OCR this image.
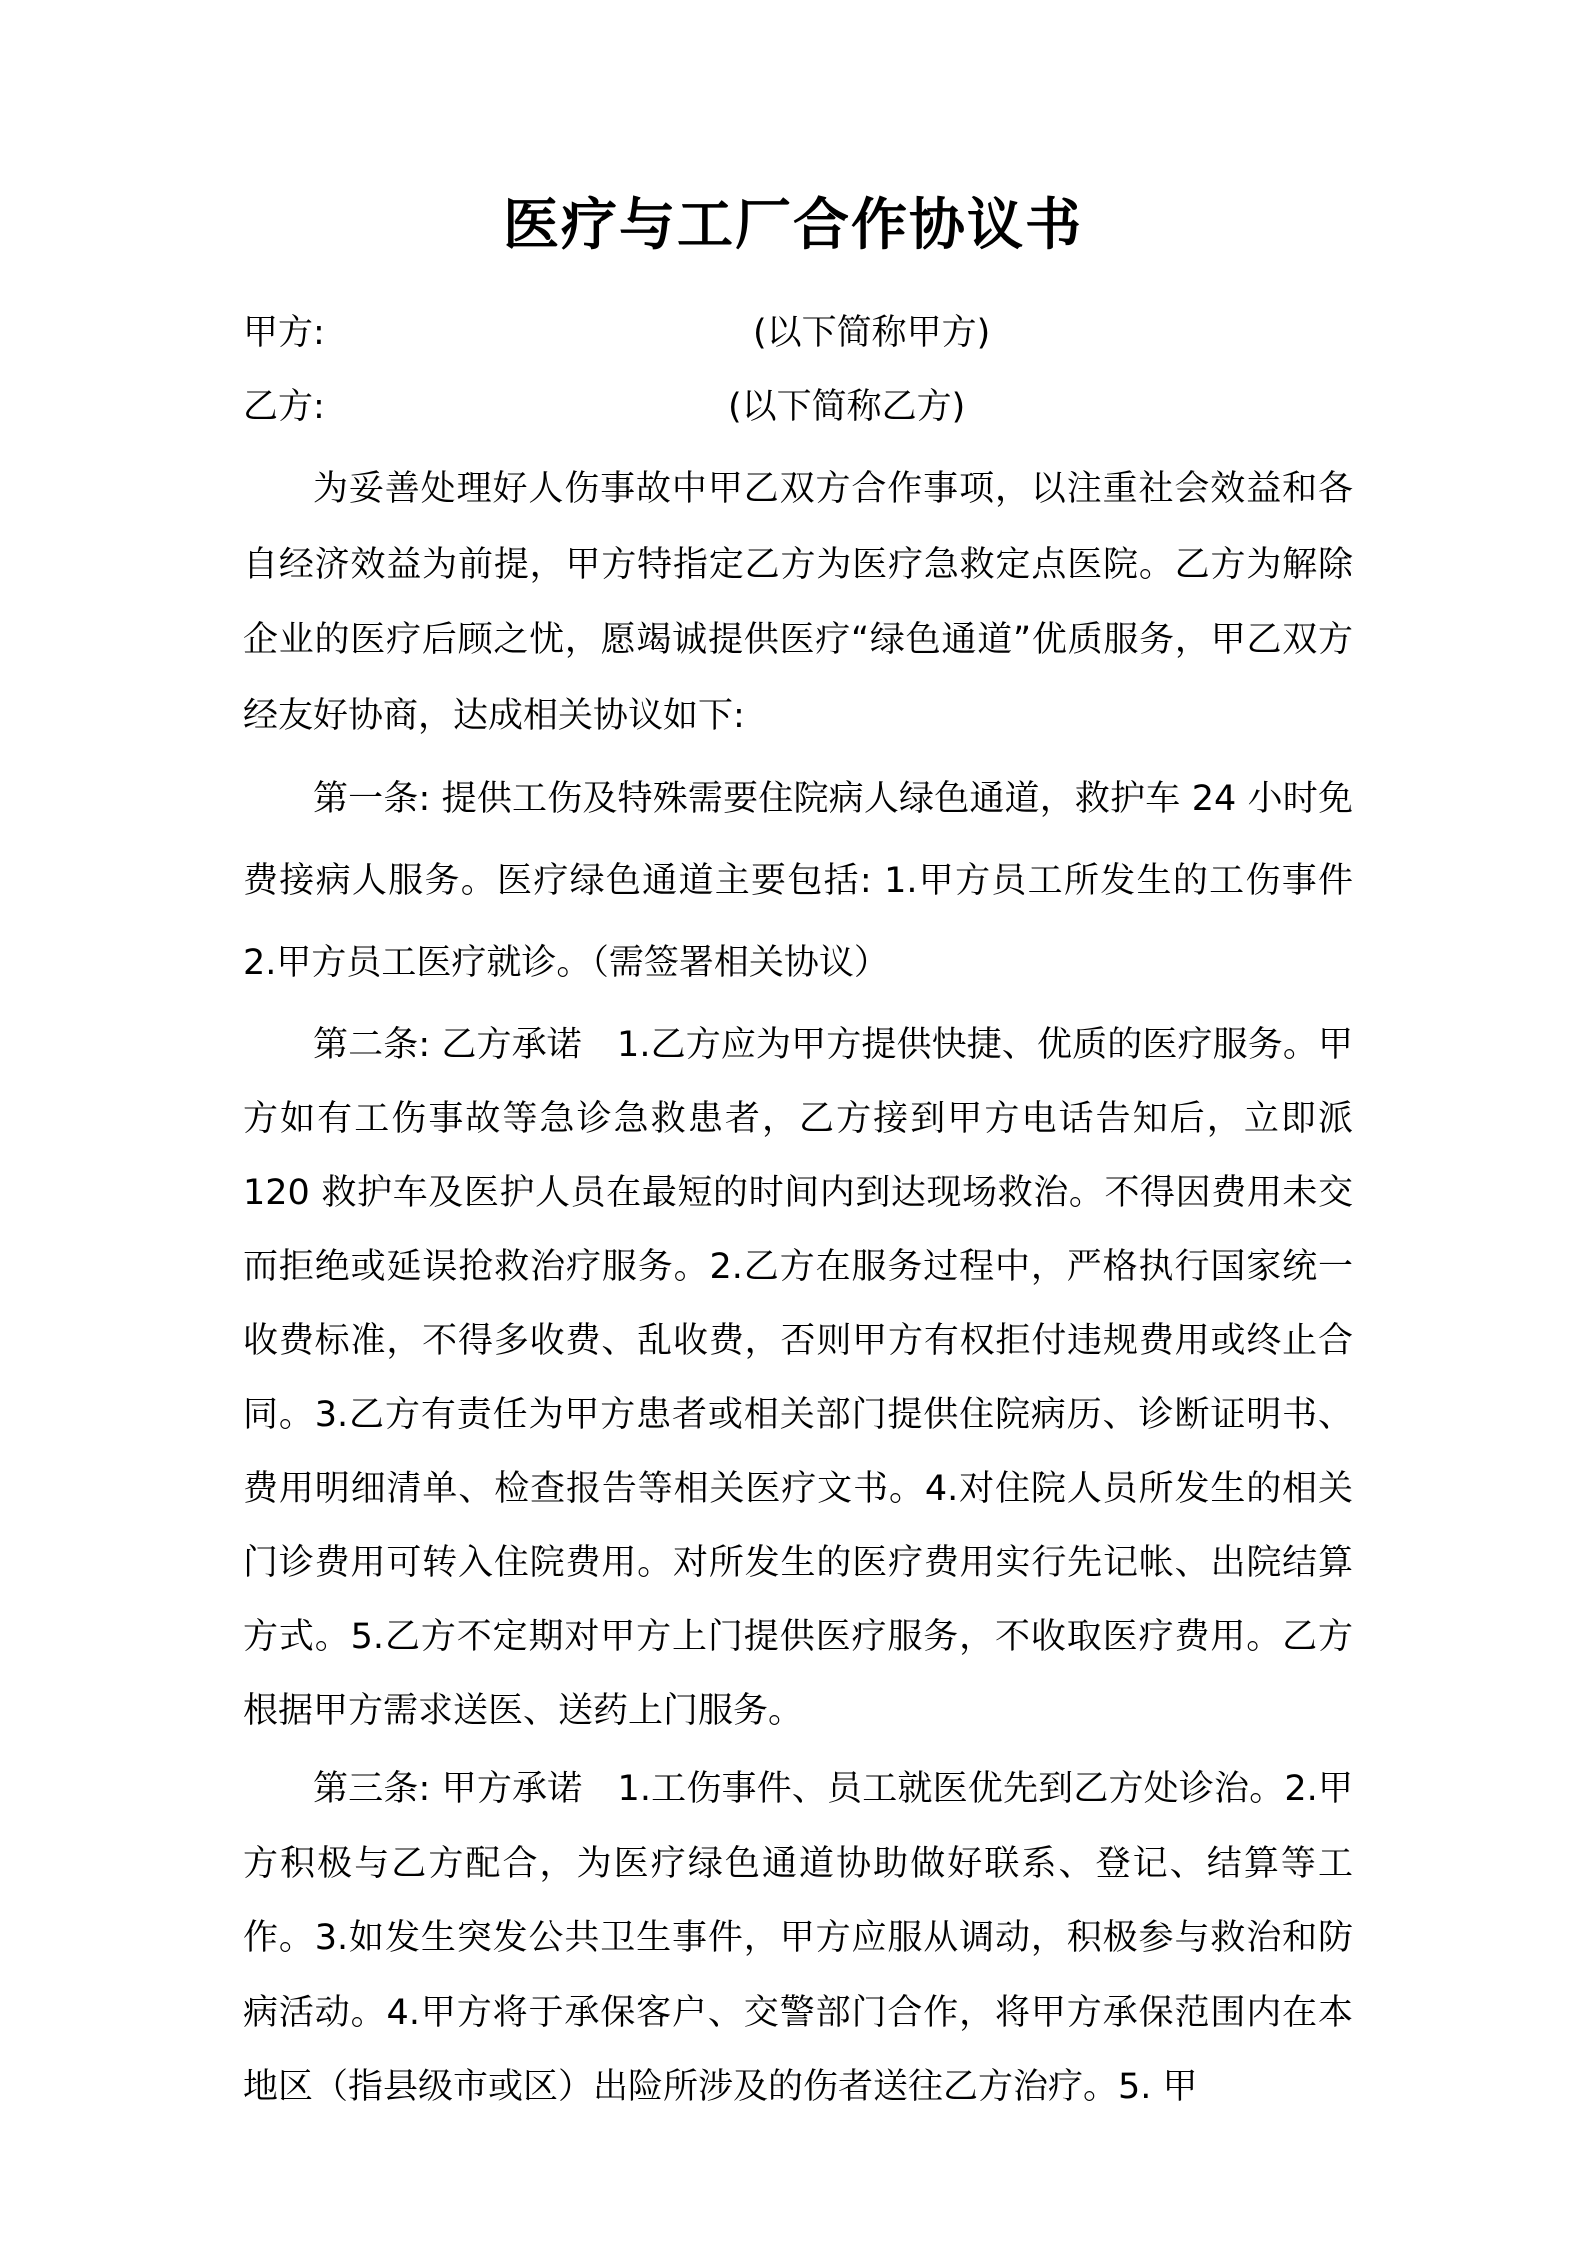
医疗与工厂合作协议书
甲方:	(以下简称甲方)
乙方:	(以下简称乙方)

为妥善处理好人伤事故中甲乙双方合作事项，以注重社会效益和各自经济效益为前提，甲方特指定乙方为医疗急救定点医院。乙方为解除企业的医疗后顾之忧，愿竭诚提供医疗“绿色通道”优质服务，甲乙双方经友好协商，达成相关协议如下:

第一条: 提供工伤及特殊需要住院病人绿色通道，救护车 24 小时免费接病人服务。医疗绿色通道主要包括: 1.甲方员工所发生的工伤事件 2.甲方员工医疗就诊。（需签署相关协议）

第二条: 乙方承诺　1.乙方应为甲方提供快捷、优质的医疗服务。甲方如有工伤事故等急诊急救患者，乙方接到甲方电话告知后，立即派 120 救护车及医护人员在最短的时间内到达现场救治。不得因费用未交而拒绝或延误抢救治疗服务。2.乙方在服务过程中，严格执行国家统一收费标准，不得多收费、乱收费，否则甲方有权拒付违规费用或终止合同。3.乙方有责任为甲方患者或相关部门提供住院病历、诊断证明书、费用明细清单、检查报告等相关医疗文书。4.对住院人员所发生的相关门诊费用可转入住院费用。对所发生的医疗费用实行先记帐、出院结算方式。5.乙方不定期对甲方上门提供医疗服务，不收取医疗费用。乙方根据甲方需求送医、送药上门服务。

第三条: 甲方承诺　1.工伤事件、员工就医优先到乙方处诊治。2.甲方积极与乙方配合，为医疗绿色通道协助做好联系、登记、结算等工作。3.如发生突发公共卫生事件，甲方应服从调动，积极参与救治和防病活动。4.甲方将于承保客户、交警部门合作，将甲方承保范围内在本地区（指县级市或区）出险所涉及的伤者送往乙方治疗。5. 甲
